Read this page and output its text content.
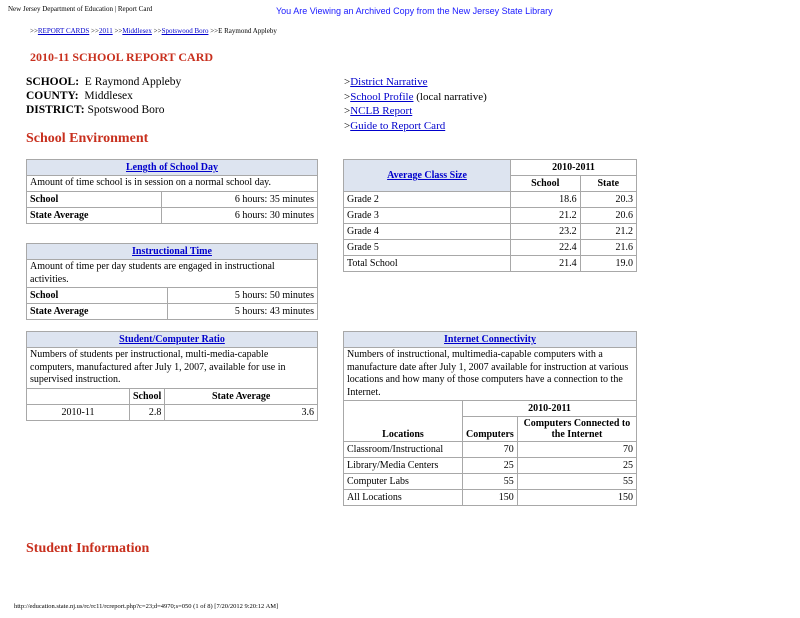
New Jersey Department of Education | Report Card	You Are Viewing an Archived Copy from the New Jersey State Library
>>REPORT CARDS >>2011 >>Middlesex >>Spotswood Boro >>E Raymond Appleby
2010-11 SCHOOL REPORT CARD
SCHOOL: E Raymond Appleby
COUNTY: Middlesex
DISTRICT: Spotswood Boro
>District Narrative
>School Profile (local narrative)
>NCLB Report
>Guide to Report Card
School Environment
Length of School Day	
Amount of time school is in session on a normal school day.	
School	6 hours: 35 minutes
State Average	6 hours: 30 minutes
Instructional Time	
Amount of time per day students are engaged in instructional activities.	
School	5 hours: 50 minutes
State Average	5 hours: 43 minutes
Student/Computer Ratio		
Numbers of students per instructional, multi-media-capable computers, manufactured after July 1, 2007, available for use in supervised instruction.		
	School	State Average
2010-11	2.8	3.6
Average Class Size	2010-2011	
	School	State
Grade 2	18.6	20.3
Grade 3	21.2	20.6
Grade 4	23.2	21.2
Grade 5	22.4	21.6
Total School	21.4	19.0
Internet Connectivity		
Numbers of instructional, multimedia-capable computers with a manufacture date after July 1, 2007 available for instruction at various locations and how many of those computers have a connection to the Internet.		
Locations	2010-2011	
	Computers	Computers Connected to the Internet
Classroom/Instructional	70	70
Library/Media Centers	25	25
Computer Labs	55	55
All Locations	150	150
Student Information
http://education.state.nj.us/rc/rc11/rcreport.php?c=23;d=4970;s=050 (1 of 8) [7/20/2012 9:20:12 AM]
